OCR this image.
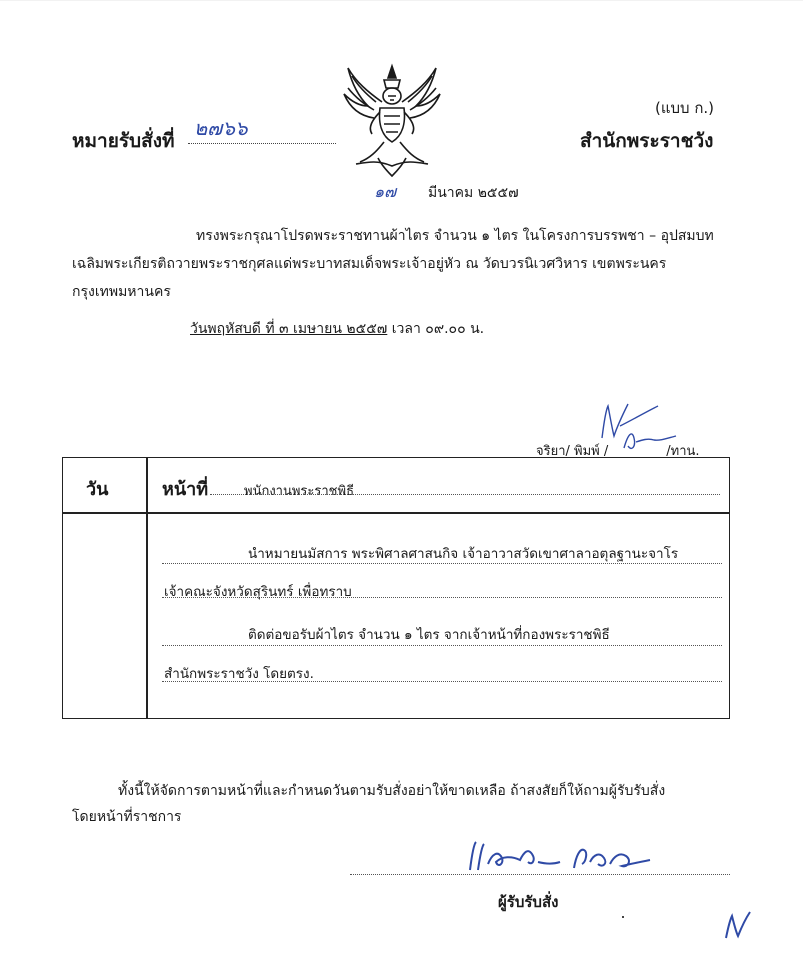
(แบบ ก.)
สำนักพระราชวัง
หมายรับสั่งที่
๒๗๖๖
๑๗ มีนาคม ๒๕๕๗
ทรงพระกรุณาโปรดพระราชทานผ้าไตร จำนวน ๑ ไตร ในโครงการบรรพชา – อุปสมบท
เฉลิมพระเกียรติถวายพระราชกุศลแด่พระบาทสมเด็จพระเจ้าอยู่หัว ณ วัดบวรนิเวศวิหาร เขตพระนคร
กรุงเทพมหานคร
วันพฤหัสบดี ที่ ๓ เมษายน ๒๕๕๗ เวลา ๐๙.๐๐ น.
จริยา/ พิมพ์ /	/ทาน.
วัน	หน้าที่	พนักงานพระราชพิธี
นำหมายนมัสการ พระพิศาลศาสนกิจ เจ้าอาวาสวัดเขาศาลาอตุลฐานะจาโร
เจ้าคณะจังหวัดสุรินทร์ เพื่อทราบ
ติดต่อขอรับผ้าไตร จำนวน ๑ ไตร จากเจ้าหน้าที่กองพระราชพิธี
สำนักพระราชวัง โดยตรง.
ทั้งนี้ให้จัดการตามหน้าที่และกำหนดวันตามรับสั่งอย่าให้ขาดเหลือ ถ้าสงสัยก็ให้ถามผู้รับรับสั่ง
โดยหน้าที่ราชการ
ผู้รับรับสั่ง
